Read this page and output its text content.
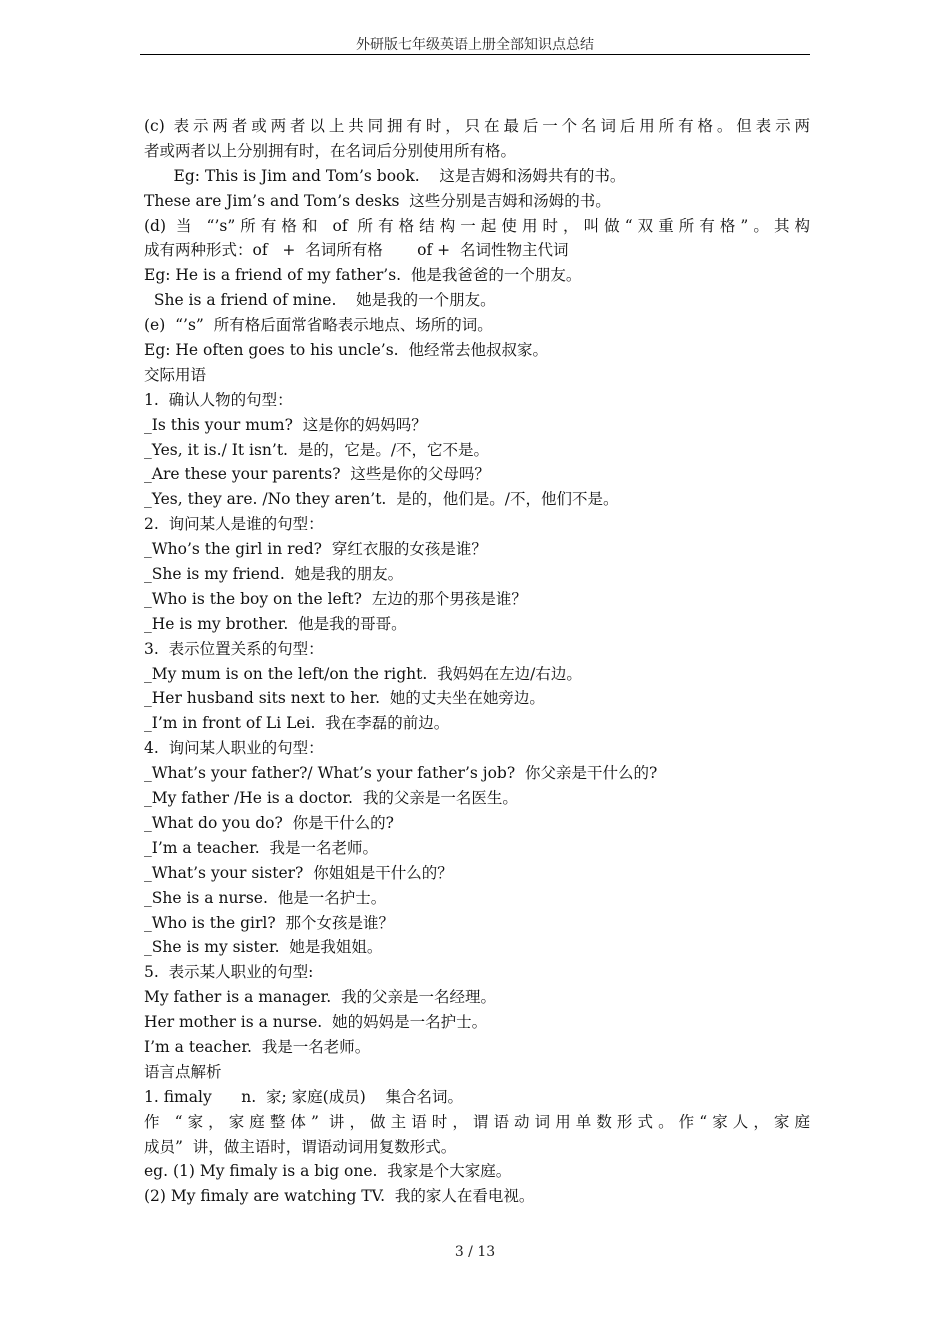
外研版七年级英语上册全部知识点总结
(c) 表示两者或两者以上共同拥有时，只在最后一个名词后用所有格。但表示两
者或两者以上分别拥有时，在名词后分别使用所有格。
Eg: This is Jim and Tom’s book.    这是吉姆和汤姆共有的书。
These are Jim’s and Tom’s desks  这些分别是吉姆和汤姆的书。
(d) 当 “’s”所有格和 of 所有格结构一起使用时，叫做“双重所有格”。其构
成有两种形式：of   +  名词所有格       of +  名词性物主代词
Eg: He is a friend of my father’s.  他是我爸爸的一个朋友。
She is a friend of mine.    她是我的一个朋友。
(e)  “’s”  所有格后面常省略表示地点、场所的词。
Eg: He often goes to his uncle’s.  他经常去他叔叔家。
交际用语
1.  确认人物的句型：
_Is this your mum?  这是你的妈妈吗？
_Yes, it is./ It isn’t.  是的，它是。/不，它不是。
_Are these your parents?  这些是你的父母吗？
_Yes, they are. /No they aren’t.  是的，他们是。/不，他们不是。
2.  询问某人是谁的句型：
_Who’s the girl in red?  穿红衣服的女孩是谁？
_She is my friend.  她是我的朋友。
_Who is the boy on the left?  左边的那个男孩是谁？
_He is my brother.  他是我的哥哥。
3.  表示位置关系的句型：
_My mum is on the left/on the right.  我妈妈在左边/右边。
_Her husband sits next to her.  她的丈夫坐在她旁边。
_I’m in front of Li Lei.  我在李磊的前边。
4.  询问某人职业的句型：
_What’s your father?/ What’s your father’s job?  你父亲是干什么的?
_My father /He is a doctor.  我的父亲是一名医生。
_What do you do?  你是干什么的?
_I’m a teacher.  我是一名老师。
_What’s your sister?  你姐姐是干什么的？
_She is a nurse.  他是一名护士。
_Who is the girl?  那个女孩是谁？
_She is my sister.  她是我姐姐。
5.  表示某人职业的句型:
My father is a manager.  我的父亲是一名经理。
Her mother is a nurse.  她的妈妈是一名护士。
I’m a teacher.  我是一名老师。
语言点解析
1. fimaly      n.  家; 家庭(成员)    集合名词。
作 “家，家庭整体” 讲，做主语时，谓语动词用单数形式。作“家人，家庭
成员”  讲，做主语时，谓语动词用复数形式。
eg. (1) My fimaly is a big one.  我家是个大家庭。
(2) My fimaly are watching TV.  我的家人在看电视。
3 / 13
